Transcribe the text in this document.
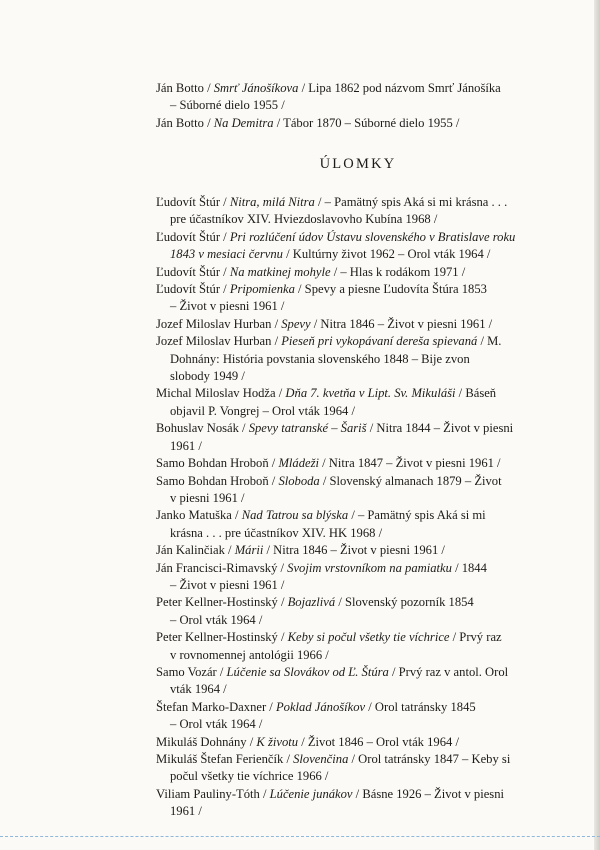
Ján Botto / Smrť Jánošíkova / Lipa 1862 pod názvom Smrť Jánošíka
– Súborné dielo 1955 /
Ján Botto / Na Demitra / Tábor 1870 – Súborné dielo 1955 /
ÚLOMKY
Ľudovít Štúr / Nitra, milá Nitra / – Pamätný spis Aká si mi krásna . . .
pre účastníkov XIV. Hviezdoslavovho Kubína 1968 /
Ľudovít Štúr / Pri rozlúčení údov Ústavu slovenského v Bratislave roku
1843 v mesiaci červnu / Kultúrny život 1962 – Orol vták 1964 /
Ľudovít Štúr / Na matkinej mohyle / – Hlas k rodákom 1971 /
Ľudovít Štúr / Pripomienka / Spevy a piesne Ľudovíta Štúra 1853
– Život v piesni 1961 /
Jozef Miloslav Hurban / Spevy / Nitra 1846 – Život v piesni 1961 /
Jozef Miloslav Hurban / Pieseň pri vykopávaní dereša spievaná / M.
Dohnány: História povstania slovenského 1848 – Bije zvon
slobody 1949 /
Michal Miloslav Hodža / Dňa 7. kvetňa v Lipt. Sv. Mikuláši / Báseň
objavil P. Vongrej – Orol vták 1964 /
Bohuslav Nosák / Spevy tatranské – Šariš / Nitra 1844 – Život v piesni
1961 /
Samo Bohdan Hroboň / Mládeži / Nitra 1847 – Život v piesni 1961 /
Samo Bohdan Hroboň / Sloboda / Slovenský almanach 1879 – Život
v piesni 1961 /
Janko Matuška / Nad Tatrou sa blýska / – Pamätný spis Aká si mi
krásna . . . pre účastníkov XIV. HK 1968 /
Ján Kalinčiak / Márii / Nitra 1846 – Život v piesni 1961 /
Ján Francisci-Rimavský / Svojim vrstovníkom na pamiatku / 1844
– Život v piesni 1961 /
Peter Kellner-Hostinský / Bojazlivá / Slovenský pozorník 1854
– Orol vták 1964 /
Peter Kellner-Hostinský / Keby si počul všetky tie víchrice / Prvý raz
v rovnomennej antológii 1966 /
Samo Vozár / Lúčenie sa Slovákov od Ľ. Štúra / Prvý raz v antol. Orol
vták 1964 /
Štefan Marko-Daxner / Poklad Jánošíkov / Orol tatránsky 1845
– Orol vták 1964 /
Mikuláš Dohnány / K životu / Život 1846 – Orol vták 1964 /
Mikuláš Štefan Ferienčík / Slovenčina / Orol tatránsky 1847 – Keby si
počul všetky tie víchrice 1966 /
Viliam Pauliny-Tóth / Lúčenie junákov / Básne 1926 – Život v piesni
1961 /
